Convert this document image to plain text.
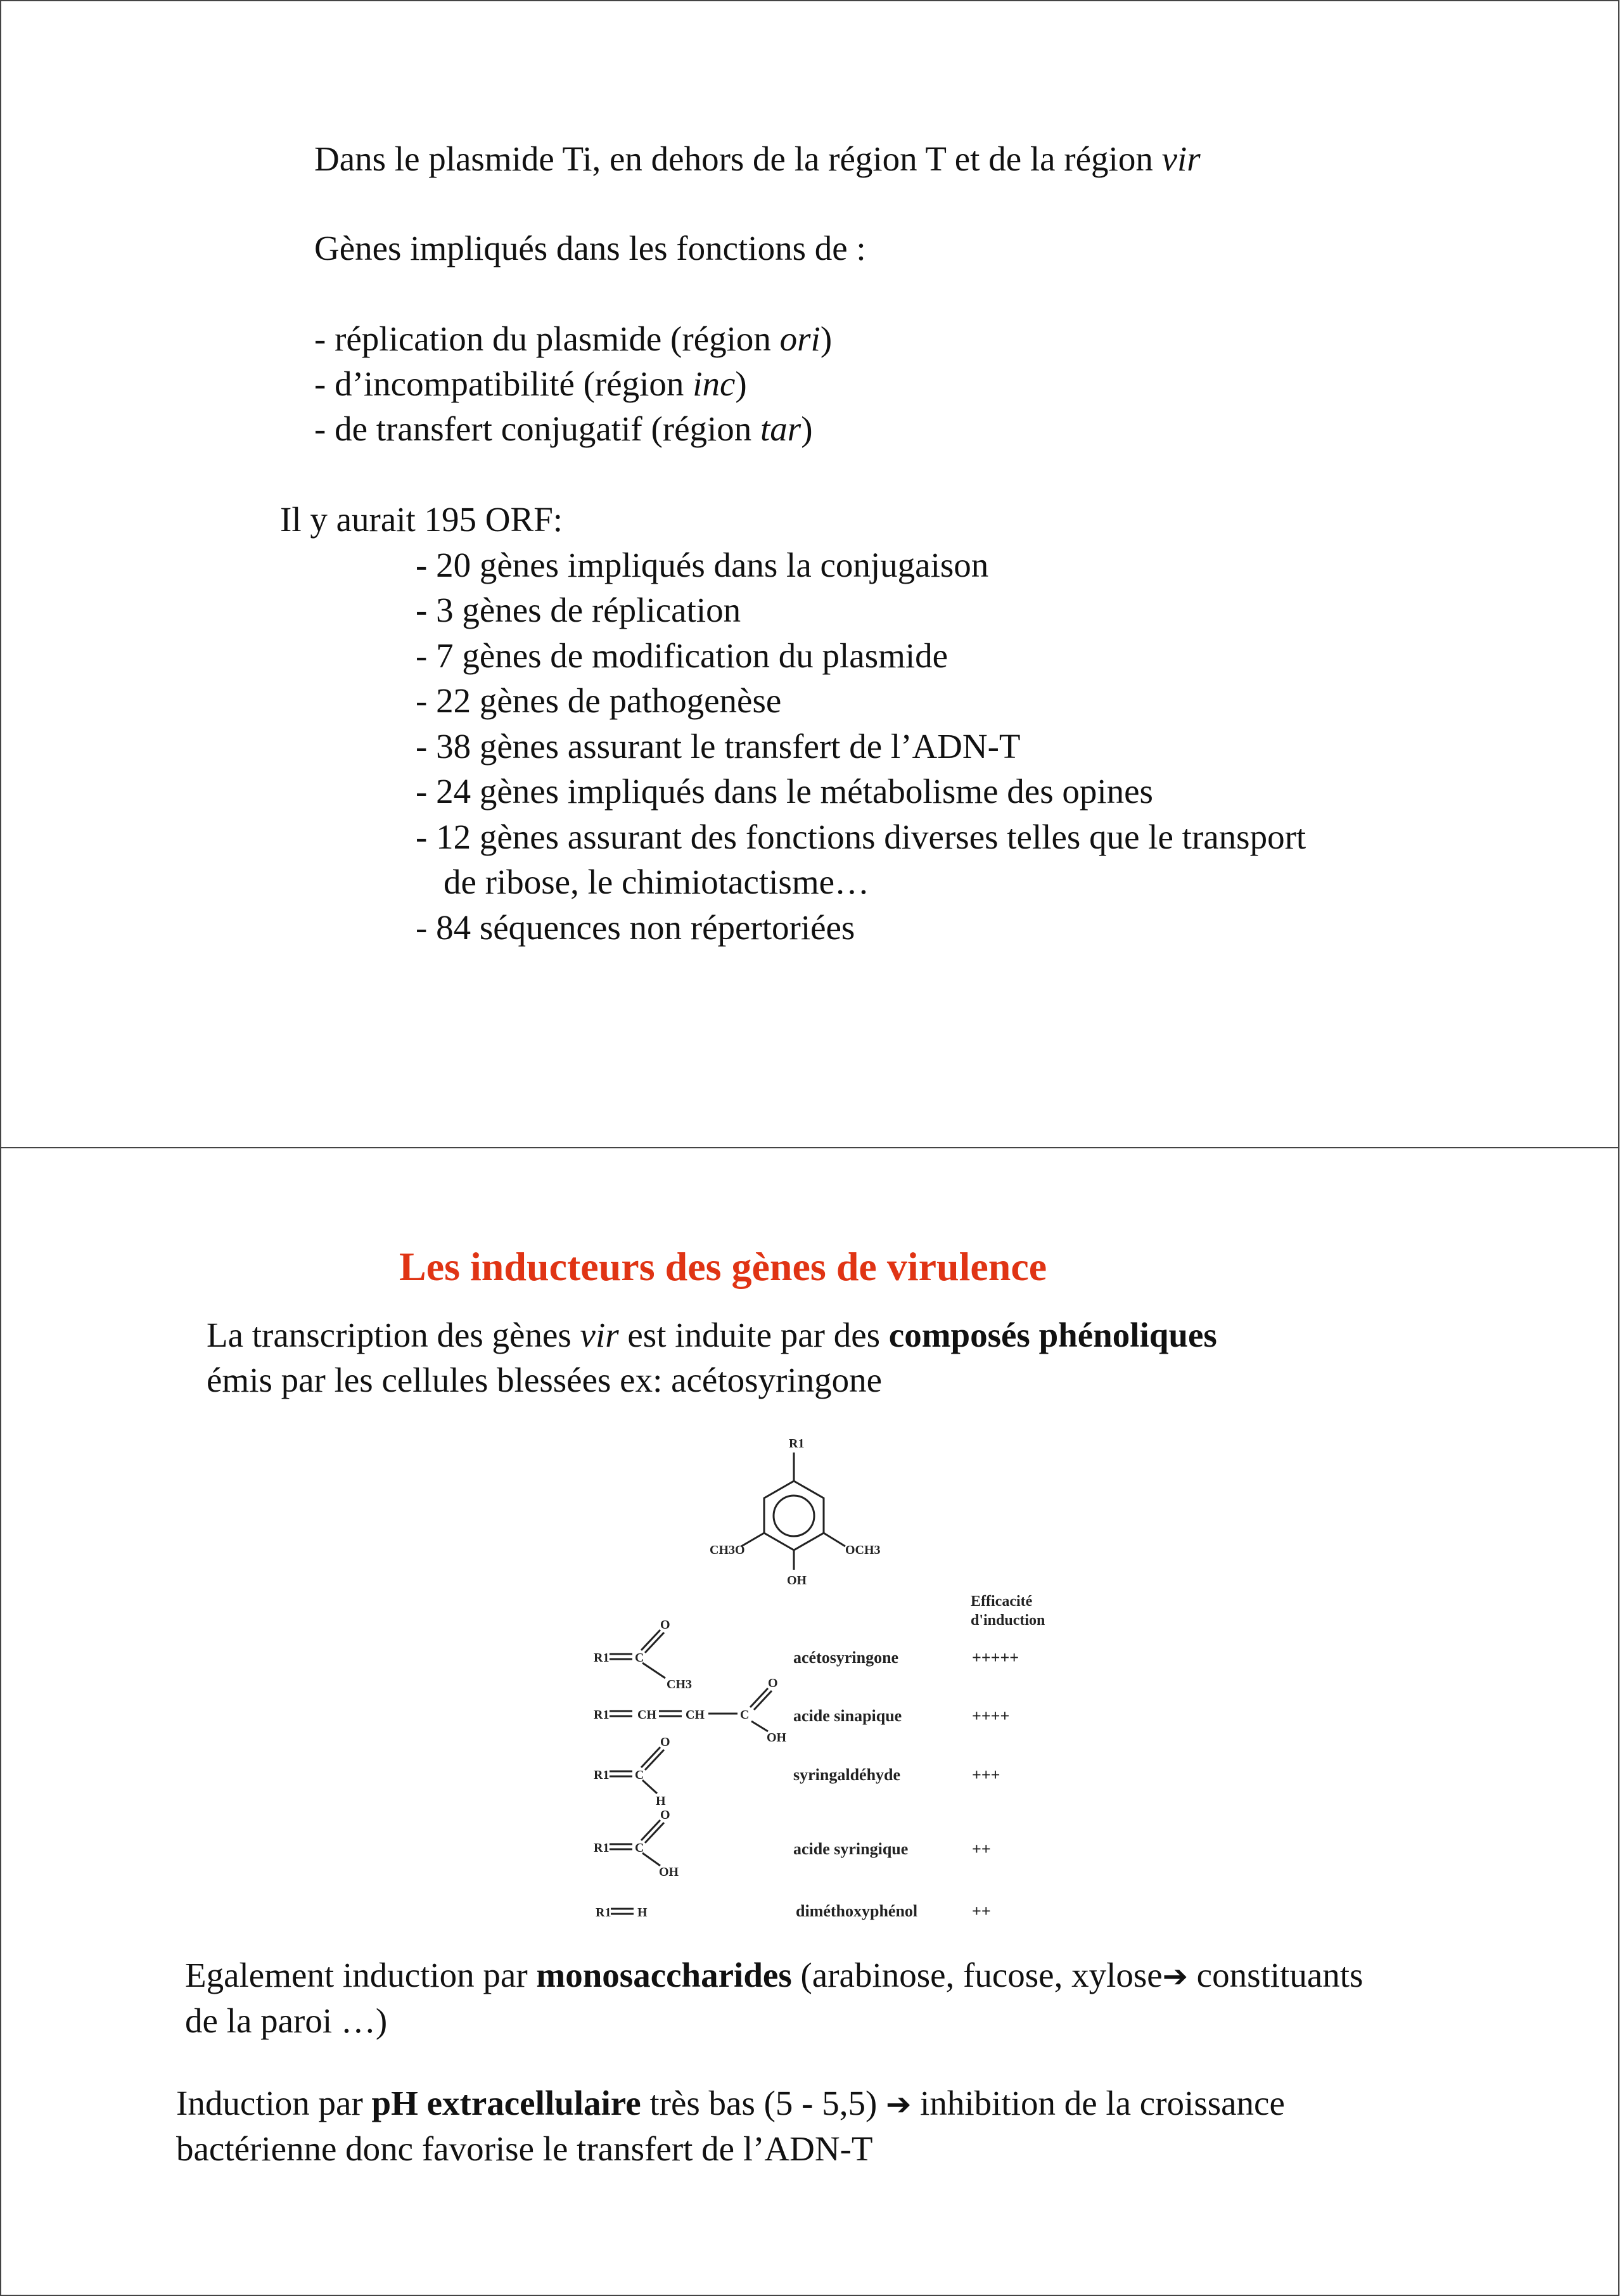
Dans le plasmide Ti, en dehors de la région T et de la région vir
Gènes impliqués dans les fonctions de :
- réplication du plasmide (région ori)
- d’incompatibilité (région inc)
- de transfert conjugatif (région tar)
Il y aurait 195 ORF:
- 20 gènes impliqués dans la conjugaison
- 3 gènes de réplication
- 7 gènes de modification du plasmide
- 22 gènes de pathogenèse
- 38 gènes assurant le transfert de l’ADN-T
- 24 gènes impliqués dans le métabolisme des opines
- 12 gènes assurant des fonctions diverses telles que le transport
de ribose, le chimiotactisme…
- 84 séquences non répertoriées
Les inducteurs des gènes de virulence
La transcription des gènes vir est induite par des composés phénoliques
émis par les cellules blessées ex: acétosyringone
R1
CH3O	OCH3
OH
Efficacité
d'induction
R1 C
O
CH3
R1 CH CH	C
O
OH
R1 C
O
H
R1 C
O
OH
R1 H
acétosyringone	+++++
acide sinapique	++++
syringaldéhyde	+++
acide syringique	++
diméthoxyphénol	++
Egalement induction par monosaccharides (arabinose, fucose, xylose➔ constituants
de la paroi …)
Induction par pH extracellulaire très bas (5 - 5,5) ➔ inhibition de la croissance
bactérienne donc favorise le transfert de l’ADN-T
